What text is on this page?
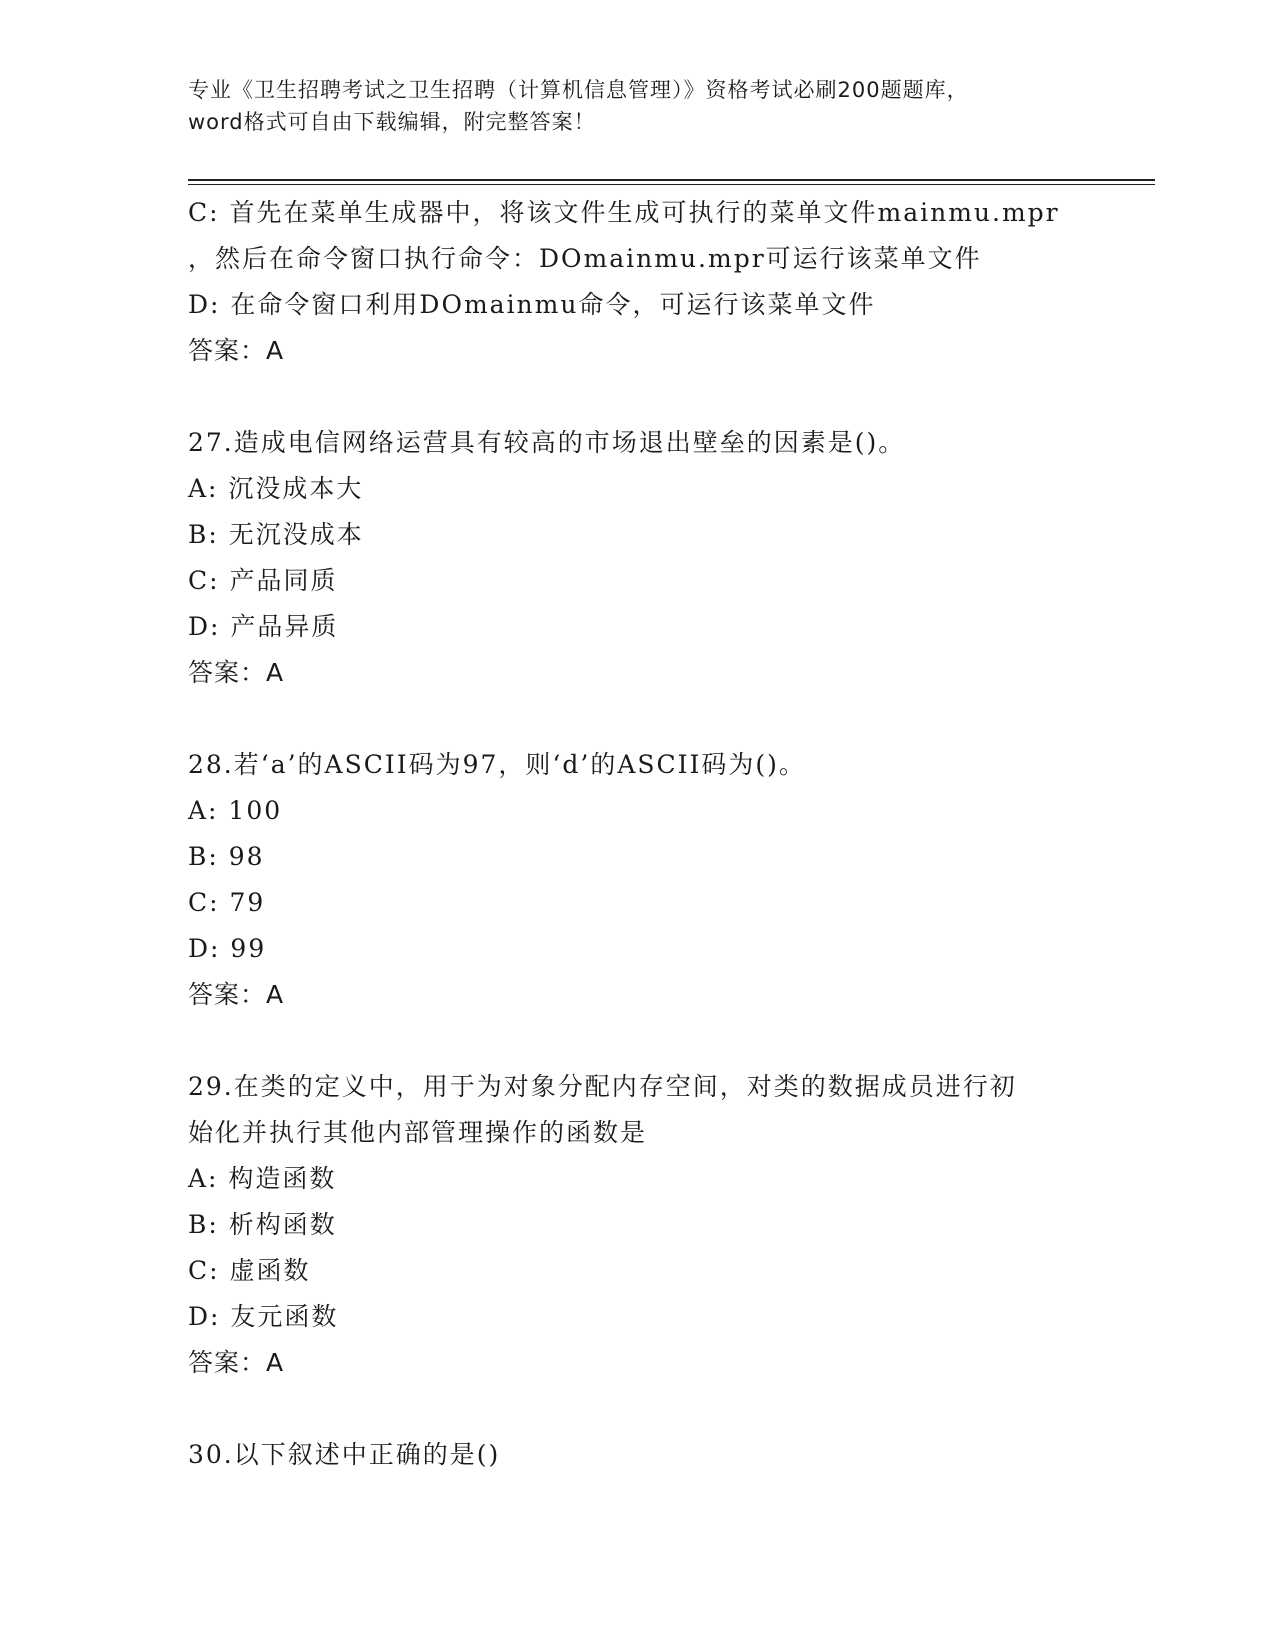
专业《卫生招聘考试之卫生招聘（计算机信息管理）》资格考试必刷200题题库，
word格式可自由下载编辑，附完整答案！
C: 首先在菜单生成器中，将该文件生成可执行的菜单文件mainmu.mpr
，然后在命令窗口执行命令：DOmainmu.mpr可运行该菜单文件
D: 在命令窗口利用DOmainmu命令，可运行该菜单文件
答案：A
27.造成电信网络运营具有较高的市场退出壁垒的因素是()。
A: 沉没成本大
B: 无沉没成本
C: 产品同质
D: 产品异质
答案：A
28.若‘a’的ASCII码为97，则‘d’的ASCII码为()。
A: 100
B: 98
C: 79
D: 99
答案：A
29.在类的定义中，用于为对象分配内存空间，对类的数据成员进行初
始化并执行其他内部管理操作的函数是
A: 构造函数
B: 析构函数
C: 虚函数
D: 友元函数
答案：A
30.以下叙述中正确的是()
